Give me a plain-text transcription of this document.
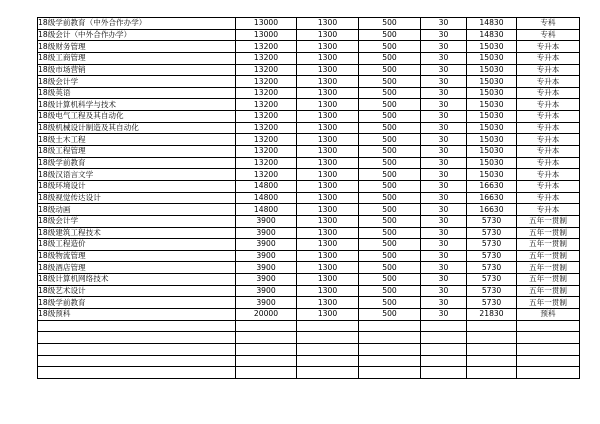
18级学前教育（中外合作办学）	13000	1300	500	30	14830	专科
18级会计（中外合作办学）	13000	1300	500	30	14830	专科
18级财务管理	13200	1300	500	30	15030	专升本
18级工商管理	13200	1300	500	30	15030	专升本
18级市场营销	13200	1300	500	30	15030	专升本
18级会计学	13200	1300	500	30	15030	专升本
18级英语	13200	1300	500	30	15030	专升本
18级计算机科学与技术	13200	1300	500	30	15030	专升本
18级电气工程及其自动化	13200	1300	500	30	15030	专升本
18级机械设计制造及其自动化	13200	1300	500	30	15030	专升本
18级土木工程	13200	1300	500	30	15030	专升本
18级工程管理	13200	1300	500	30	15030	专升本
18级学前教育	13200	1300	500	30	15030	专升本
18级汉语言文学	13200	1300	500	30	15030	专升本
18级环境设计	14800	1300	500	30	16630	专升本
18级视觉传达设计	14800	1300	500	30	16630	专升本
18级动画	14800	1300	500	30	16630	专升本
18级会计学	3900	1300	500	30	5730	五年一贯制
18级建筑工程技术	3900	1300	500	30	5730	五年一贯制
18级工程造价	3900	1300	500	30	5730	五年一贯制
18级物流管理	3900	1300	500	30	5730	五年一贯制
18级酒店管理	3900	1300	500	30	5730	五年一贯制
18级计算机网络技术	3900	1300	500	30	5730	五年一贯制
18级艺术设计	3900	1300	500	30	5730	五年一贯制
18级学前教育	3900	1300	500	30	5730	五年一贯制
18级预科	20000	1300	500	30	21830	预科
